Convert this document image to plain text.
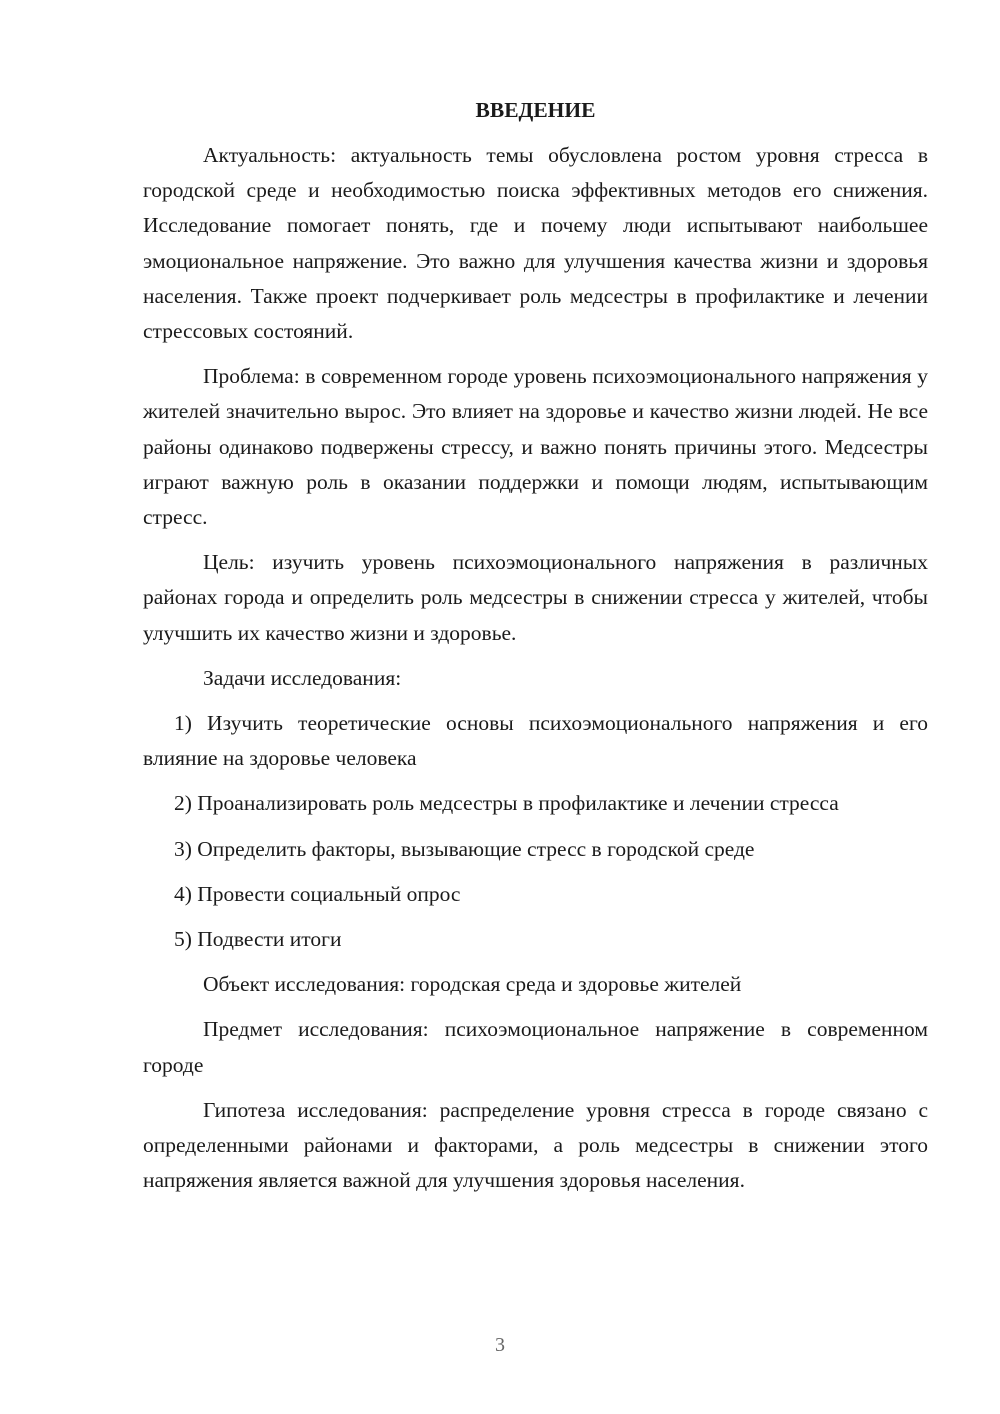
ВВЕДЕНИЕ

Актуальность: актуальность темы обусловлена ростом уровня стресса в городской среде и необходимостью поиска эффективных методов его снижения. Исследование помогает понять, где и почему люди испытывают наибольшее эмоциональное напряжение. Это важно для улучшения качества жизни и здоровья населения. Также проект подчеркивает роль медсестры в профилактике и лечении стрессовых состояний.

Проблема: в современном городе уровень психоэмоционального напряжения у жителей значительно вырос. Это влияет на здоровье и качество жизни людей. Не все районы одинаково подвержены стрессу, и важно понять причины этого. Медсестры играют важную роль в оказании поддержки и помощи людям, испытывающим стресс.

Цель: изучить уровень психоэмоционального напряжения в различных районах города и определить роль медсестры в снижении стресса у жителей, чтобы улучшить их качество жизни и здоровье.

Задачи исследования:

1) Изучить теоретические основы психоэмоционального напряжения и его влияние на здоровье человека

2) Проанализировать роль медсестры в профилактике и лечении стресса

3) Определить факторы, вызывающие стресс в городской среде

4) Провести социальный опрос

5) Подвести итоги

Объект исследования: городская среда и здоровье жителей

Предмет исследования: психоэмоциональное напряжение в современном городе

Гипотеза исследования: распределение уровня стресса в городе связано с определенными районами и факторами, а роль медсестры в снижении этого напряжения является важной для улучшения здоровья населения.

3
